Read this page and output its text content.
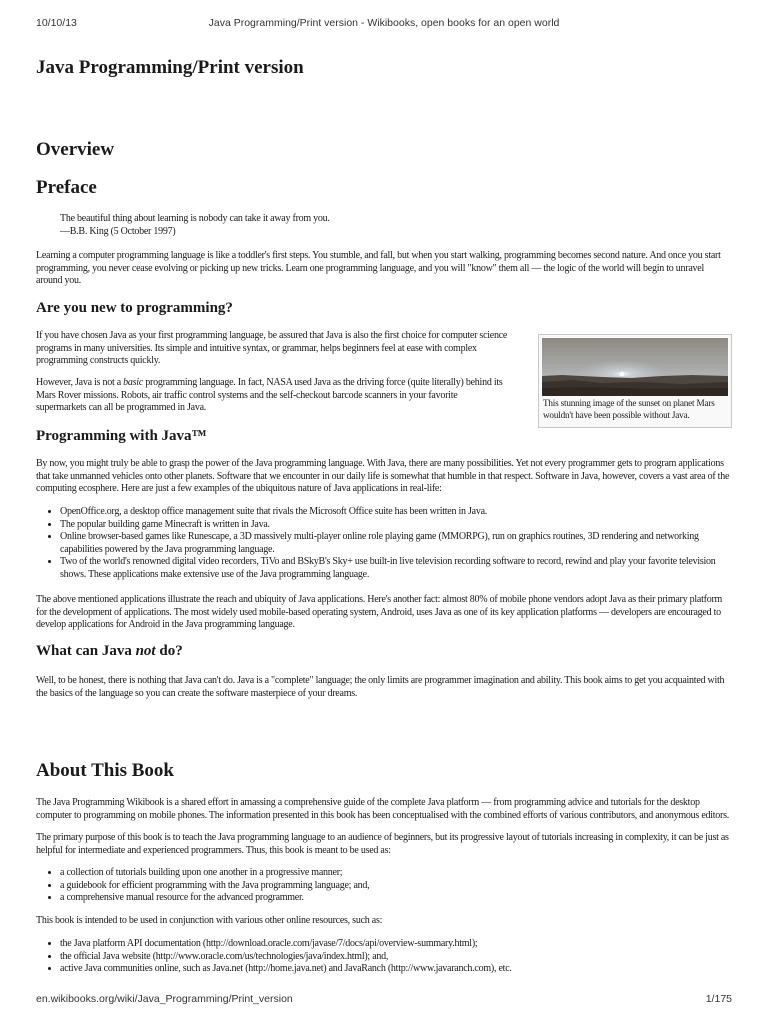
10/10/13	Java Programming/Print version - Wikibooks, open books for an open world
Java Programming/Print version
Overview
Preface
The beautiful thing about learning is nobody can take it away from you.
—B.B. King (5 October 1997)

Learning a computer programming language is like a toddler's first steps. You stumble, and fall, but when you start walking, programming becomes second nature. And once you start programming, you never cease evolving or picking up new tricks. Learn one programming language, and you will "know" them all — the logic of the world will begin to unravel around you.

Are you new to programming?

If you have chosen Java as your first programming language, be assured that Java is also the first choice for computer science programs in many universities. Its simple and intuitive syntax, or grammar, helps beginners feel at ease with complex programming constructs quickly.

However, Java is not a basic programming language. In fact, NASA used Java as the driving force (quite literally) behind its Mars Rover missions. Robots, air traffic control systems and the self-checkout barcode scanners in your favorite supermarkets can all be programmed in Java.	This stunning image of the sunset on planet Mars wouldn't have been possible without Java.
Programming with Java™

By now, you might truly be able to grasp the power of the Java programming language. With Java, there are many possibilities. Yet not every programmer gets to program applications that take unmanned vehicles onto other planets. Software that we encounter in our daily life is somewhat that humble in that respect. Software in Java, however, covers a vast area of the computing ecosphere. Here are just a few examples of the ubiquitous nature of Java applications in real-life:

• OpenOffice.org, a desktop office management suite that rivals the Microsoft Office suite has been written in Java.
• The popular building game Minecraft is written in Java.
• Online browser-based games like Runescape, a 3D massively multi-player online role playing game (MMORPG), run on graphics routines, 3D rendering and networking capabilities powered by the Java programming language.
• Two of the world's renowned digital video recorders, TiVo and BSkyB's Sky+ use built-in live television recording software to record, rewind and play your favorite television shows. These applications make extensive use of the Java programming language.

The above mentioned applications illustrate the reach and ubiquity of Java applications. Here's another fact: almost 80% of mobile phone vendors adopt Java as their primary platform for the development of applications. The most widely used mobile-based operating system, Android, uses Java as one of its key application platforms — developers are encouraged to develop applications for Android in the Java programming language.

What can Java not do?

Well, to be honest, there is nothing that Java can't do. Java is a "complete" language; the only limits are programmer imagination and ability. This book aims to get you acquainted with the basics of the language so you can create the software masterpiece of your dreams.

About This Book

The Java Programming Wikibook is a shared effort in amassing a comprehensive guide of the complete Java platform — from programming advice and tutorials for the desktop computer to programming on mobile phones. The information presented in this book has been conceptualised with the combined efforts of various contributors, and anonymous editors.

The primary purpose of this book is to teach the Java programming language to an audience of beginners, but its progressive layout of tutorials increasing in complexity, it can be just as helpful for intermediate and experienced programmers. Thus, this book is meant to be used as:

• a collection of tutorials building upon one another in a progressive manner;
• a guidebook for efficient programming with the Java programming language; and,
• a comprehensive manual resource for the advanced programmer.

This book is intended to be used in conjunction with various other online resources, such as:

• the Java platform API documentation (http://download.oracle.com/javase/7/docs/api/overview-summary.html);
• the official Java website (http://www.oracle.com/us/technologies/java/index.html); and,
• active Java communities online, such as Java.net (http://home.java.net) and JavaRanch (http://www.javaranch.com), etc.
en.wikibooks.org/wiki/Java_Programming/Print_version	1/175
